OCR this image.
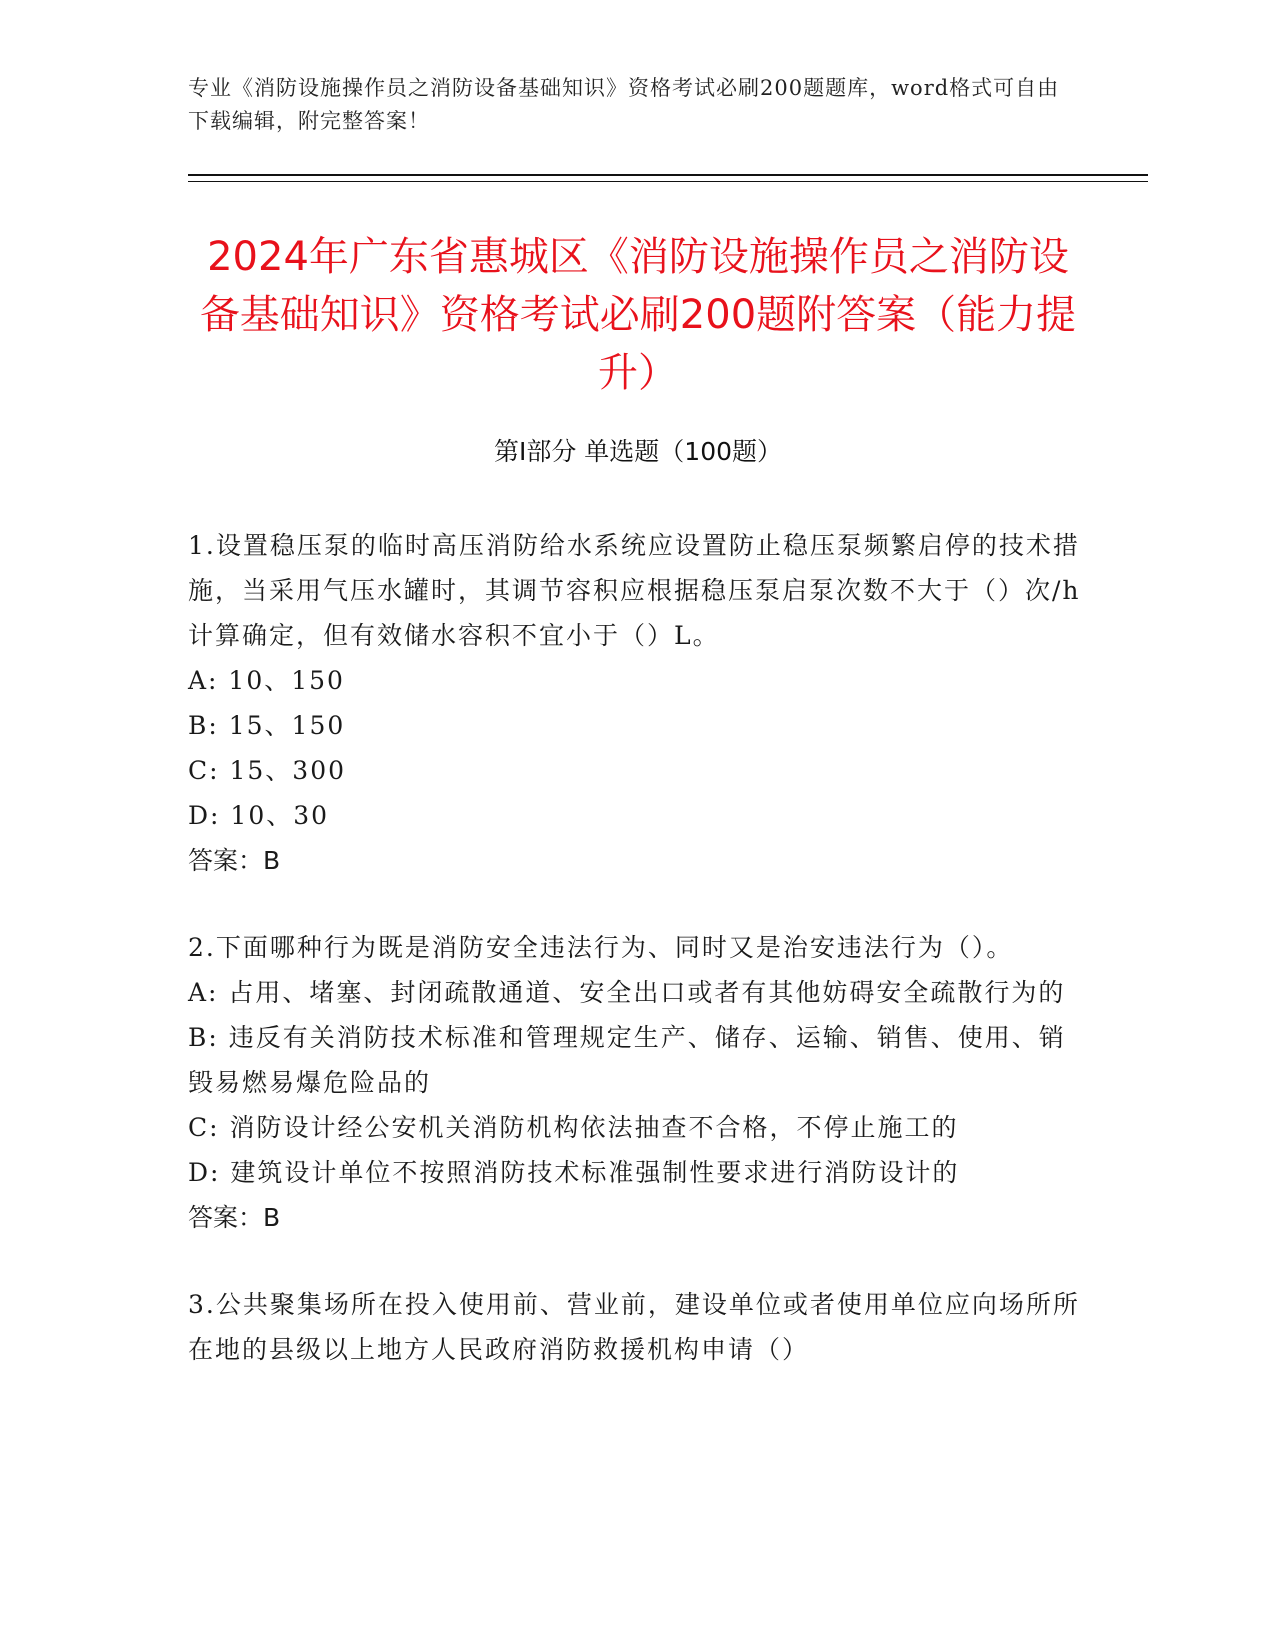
专业《消防设施操作员之消防设备基础知识》资格考试必刷200题题库，word格式可自由下载编辑，附完整答案！
2024年广东省惠城区《消防设施操作员之消防设备基础知识》资格考试必刷200题附答案（能力提升）
第I部分 单选题（100题）

1.设置稳压泵的临时高压消防给水系统应设置防止稳压泵频繁启停的技术措施，当采用气压水罐时，其调节容积应根据稳压泵启泵次数不大于（）次/h计算确定，但有效储水容积不宜小于（）L。

A: 10、150

B: 15、150

C: 15、300

D: 10、30

答案：B

2.下面哪种行为既是消防安全违法行为、同时又是治安违法行为（）。

A: 占用、堵塞、封闭疏散通道、安全出口或者有其他妨碍安全疏散行为的

B: 违反有关消防技术标准和管理规定生产、储存、运输、销售、使用、销毁易燃易爆危险品的

C: 消防设计经公安机关消防机构依法抽查不合格，不停止施工的

D: 建筑设计单位不按照消防技术标准强制性要求进行消防设计的

答案：B

3.公共聚集场所在投入使用前、营业前，建设单位或者使用单位应向场所所在地的县级以上地方人民政府消防救援机构申请（）
